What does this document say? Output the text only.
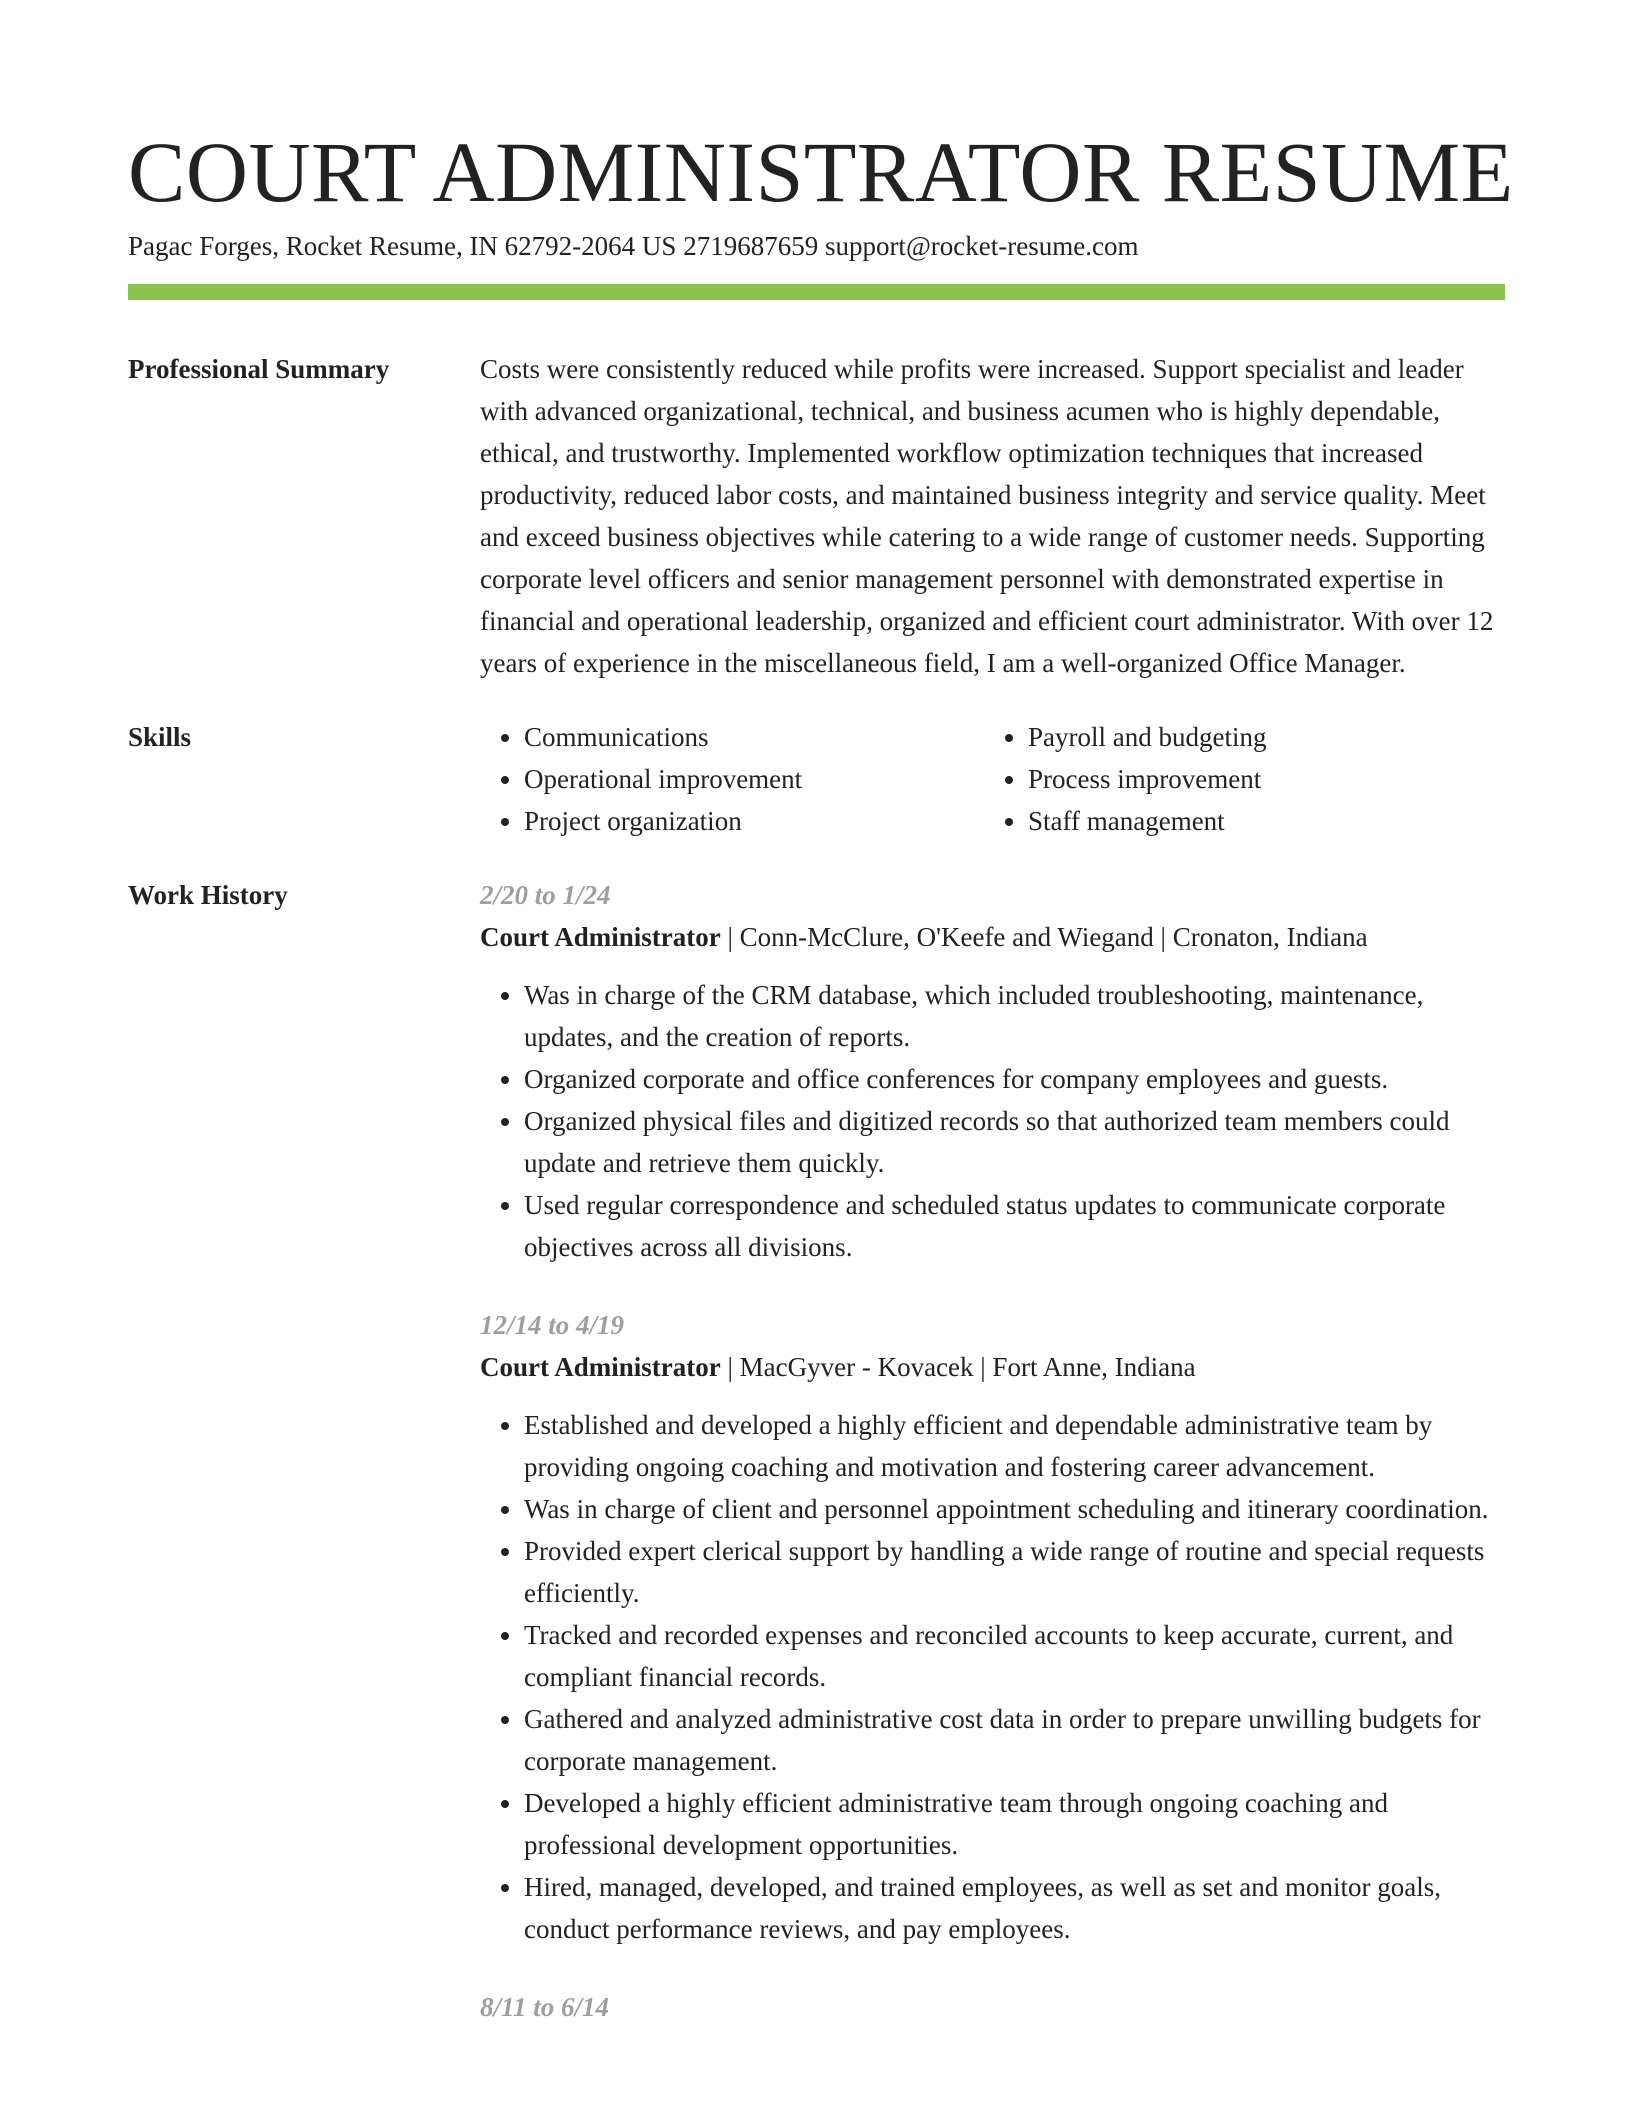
COURT ADMINISTRATOR RESUME
Pagac Forges, Rocket Resume, IN 62792-2064 US 2719687659 support@rocket-resume.com
Professional Summary	Costs were consistently reduced while profits were increased. Support specialist and leader with advanced organizational, technical, and business acumen who is highly dependable, ethical, and trustworthy. Implemented workflow optimization techniques that increased productivity, reduced labor costs, and maintained business integrity and service quality. Meet and exceed business objectives while catering to a wide range of customer needs. Supporting corporate level officers and senior management personnel with demonstrated expertise in financial and operational leadership, organized and efficient court administrator. With over 12 years of experience in the miscellaneous field, I am a well-organized Office Manager.
Skills
•	Communications
• Operational improvement
• Project organization
• Payroll and budgeting
• Process improvement
• Staff management
Work History	2/20 to 1/24
Court Administrator | Conn-McClure, O'Keefe and Wiegand | Cronaton, Indiana
• Was in charge of the CRM database, which included troubleshooting, maintenance, updates, and the creation of reports.
• Organized corporate and office conferences for company employees and guests.
• Organized physical files and digitized records so that authorized team members could update and retrieve them quickly.
• Used regular correspondence and scheduled status updates to communicate corporate objectives across all divisions.
12/14 to 4/19
Court Administrator | MacGyver - Kovacek | Fort Anne, Indiana
• Established and developed a highly efficient and dependable administrative team by providing ongoing coaching and motivation and fostering career advancement.
• Was in charge of client and personnel appointment scheduling and itinerary coordination.
• Provided expert clerical support by handling a wide range of routine and special requests efficiently.
• Tracked and recorded expenses and reconciled accounts to keep accurate, current, and compliant financial records.
• Gathered and analyzed administrative cost data in order to prepare unwilling budgets for corporate management.
• Developed a highly efficient administrative team through ongoing coaching and professional development opportunities.
• Hired, managed, developed, and trained employees, as well as set and monitor goals, conduct performance reviews, and pay employees.
8/11 to 6/14
